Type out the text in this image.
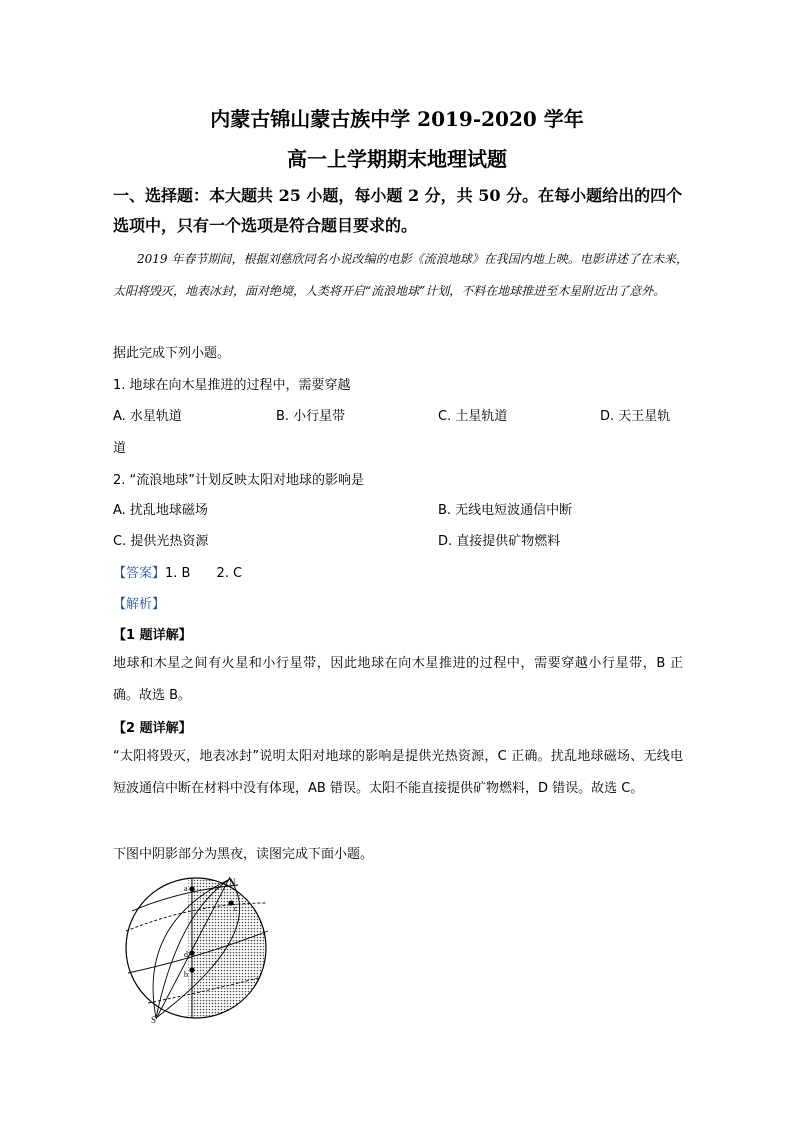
内蒙古锦山蒙古族中学 2019-2020 学年
高一上学期期末地理试题
一、选择题：本大题共 25 小题，每小题 2 分，共 50 分。在每小题给出的四个选项中，只有一个选项是符合题目要求的。
2019 年春节期间，根据刘慈欣同名小说改编的电影《流浪地球》在我国内地上映。电影讲述了在未来，太阳将毁灭，地表冰封，面对绝境，人类将开启“流浪地球”计划，不料在地球推进至木星附近出了意外。
据此完成下列小题。
1. 地球在向木星推进的过程中，需要穿越
A. 水星轨道	B. 小行星带	C. 土星轨道	D. 天王星轨
道
2. “流浪地球”计划反映太阳对地球的影响是
A. 扰乱地球磁场	B. 无线电短波通信中断
C. 提供光热资源	D. 直接提供矿物燃料
【答案】1. B　　2. C
【解析】
【1 题详解】
地球和木星之间有火星和小行星带，因此地球在向木星推进的过程中，需要穿越小行星带，B 正确。故选 B。
【2 题详解】
“太阳将毁灭，地表冰封”说明太阳对地球的影响是提供光热资源，C 正确。扰乱地球磁场、无线电短波通信中断在材料中没有体现，AB 错误。太阳不能直接提供矿物燃料，D 错误。故选 C。
下图中阴影部分为黑夜，读图完成下面小题。
N
S
a
b
c
d
